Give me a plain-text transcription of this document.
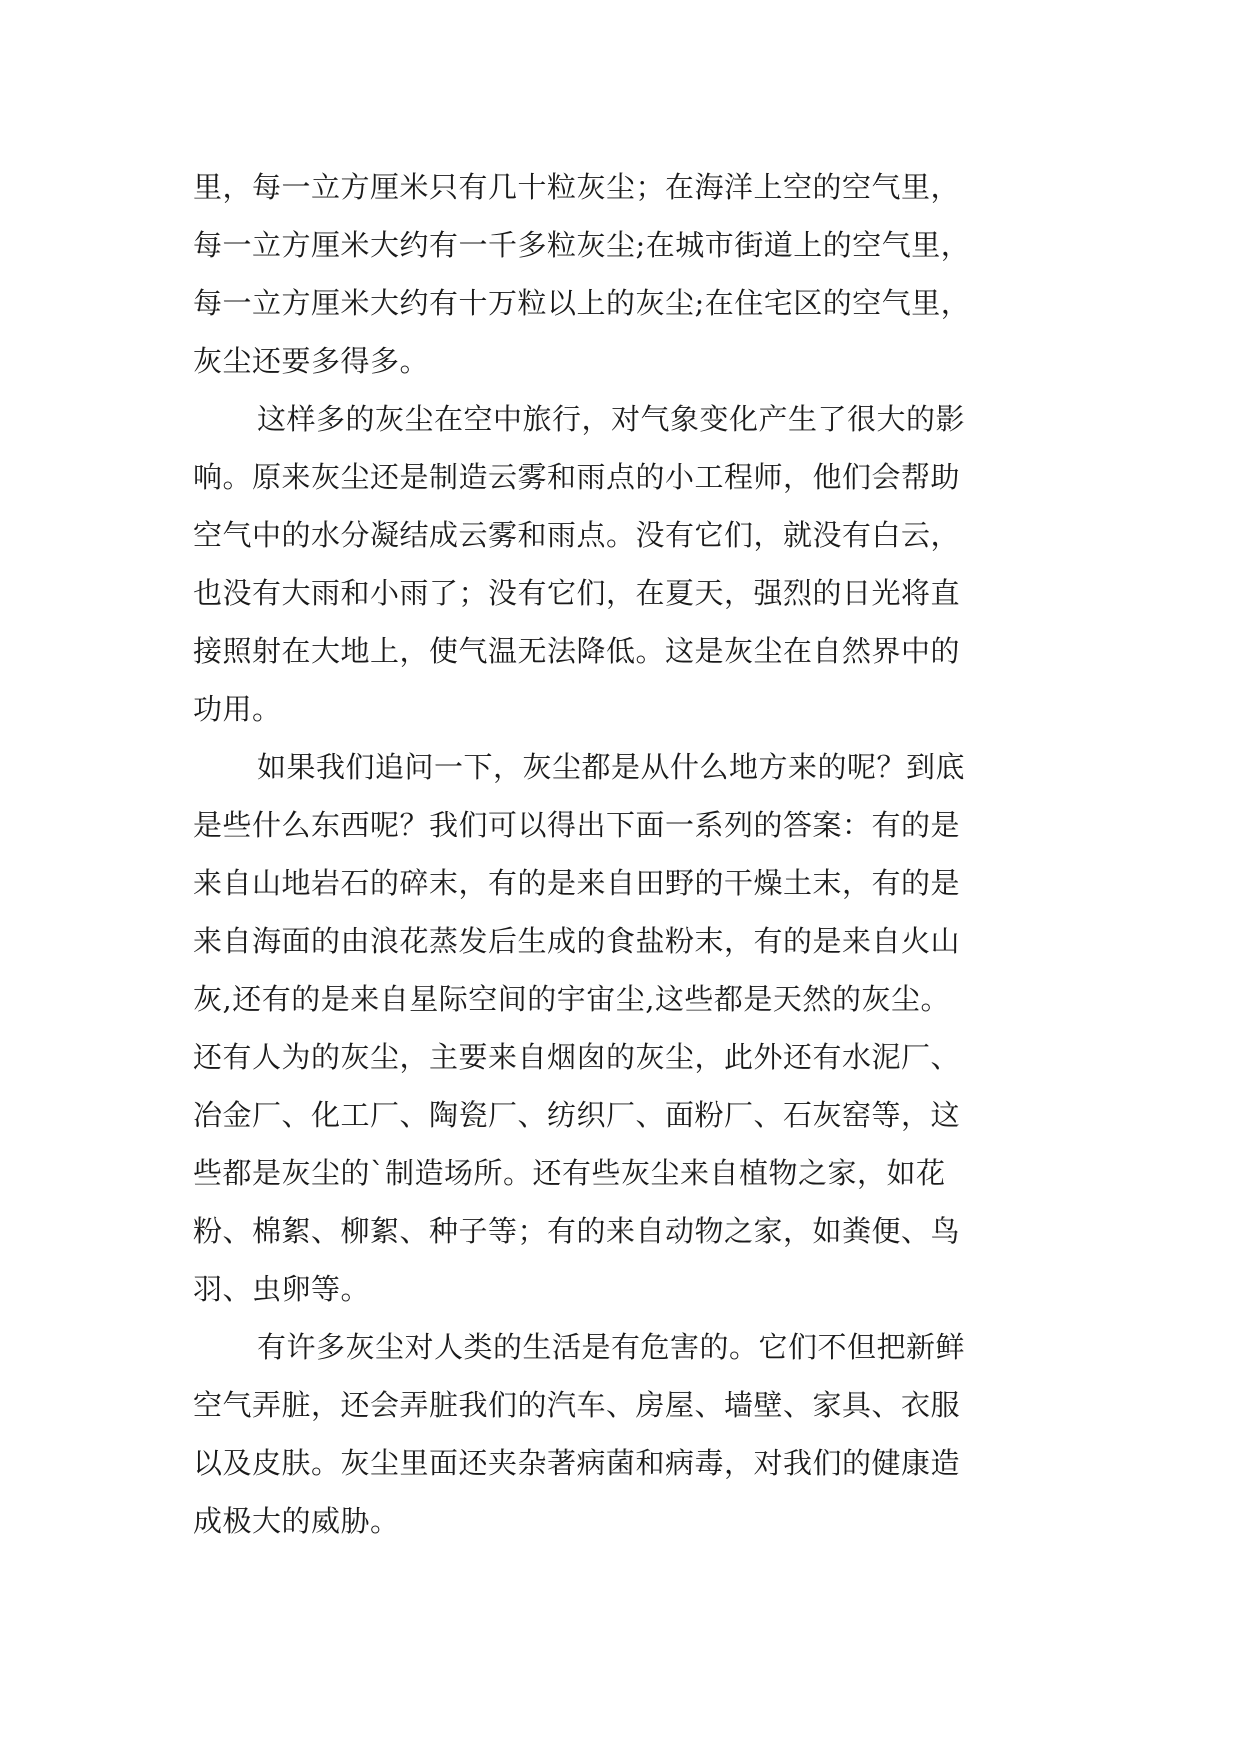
里，每一立方厘米只有几十粒灰尘；在海洋上空的空气里，
每一立方厘米大约有一千多粒灰尘;在城市街道上的空气里，
每一立方厘米大约有十万粒以上的灰尘;在住宅区的空气里，
灰尘还要多得多。
这样多的灰尘在空中旅行，对气象变化产生了很大的影
响。原来灰尘还是制造云雾和雨点的小工程师，他们会帮助
空气中的水分凝结成云雾和雨点。没有它们，就没有白云，
也没有大雨和小雨了；没有它们，在夏天，强烈的日光将直
接照射在大地上，使气温无法降低。这是灰尘在自然界中的
功用。
如果我们追问一下，灰尘都是从什么地方来的呢？到底
是些什么东西呢？我们可以得出下面一系列的答案：有的是
来自山地岩石的碎末，有的是来自田野的干燥土末，有的是
来自海面的由浪花蒸发后生成的食盐粉末，有的是来自火山
灰,还有的是来自星际空间的宇宙尘,这些都是天然的灰尘。
还有人为的灰尘，主要来自烟囱的灰尘，此外还有水泥厂、
冶金厂、化工厂、陶瓷厂、纺织厂、面粉厂、石灰窑等，这
些都是灰尘的`制造场所。还有些灰尘来自植物之家，如花
粉、棉絮、柳絮、种子等；有的来自动物之家，如粪便、鸟
羽、虫卵等。
有许多灰尘对人类的生活是有危害的。它们不但把新鲜
空气弄脏，还会弄脏我们的汽车、房屋、墙壁、家具、衣服
以及皮肤。灰尘里面还夹杂著病菌和病毒，对我们的健康造
成极大的威胁。
